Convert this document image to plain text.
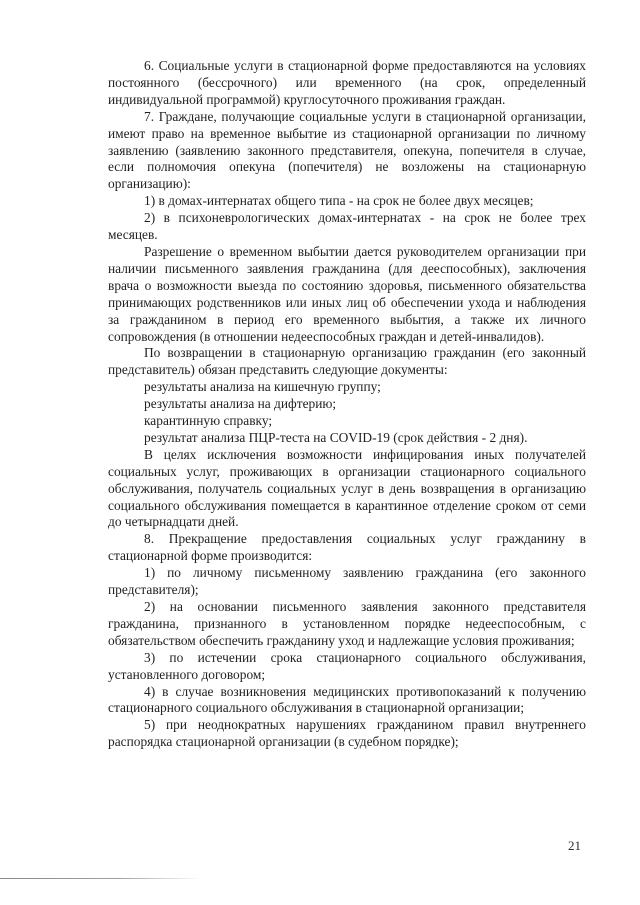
6. Социальные услуги в стационарной форме предоставляются на условиях постоянного (бессрочного) или временного (на срок, определенный индивидуальной программой) круглосуточного проживания граждан.

7. Граждане, получающие социальные услуги в стационарной организации, имеют право на временное выбытие из стационарной организации по личному заявлению (заявлению законного представителя, опекуна, попечителя в случае, если полномочия опекуна (попечителя) не возложены на стационарную организацию):

1) в домах-интернатах общего типа - на срок не более двух месяцев;

2) в психоневрологических домах-интернатах - на срок не более трех месяцев.

Разрешение о временном выбытии дается руководителем организации при наличии письменного заявления гражданина (для дееспособных), заключения врача о возможности выезда по состоянию здоровья, письменного обязательства принимающих родственников или иных лиц об обеспечении ухода и наблюдения за гражданином в период его временного выбытия, а также их личного сопровождения (в отношении недееспособных граждан и детей-инвалидов).

По возвращении в стационарную организацию гражданин (его законный представитель) обязан представить следующие документы:

результаты анализа на кишечную группу;

результаты анализа на дифтерию;

карантинную справку;

результат анализа ПЦР-теста на COVID-19 (срок действия - 2 дня).

В целях исключения возможности инфицирования иных получателей социальных услуг, проживающих в организации стационарного социального обслуживания, получатель социальных услуг в день возвращения в организацию социального обслуживания помещается в карантинное отделение сроком от семи до четырнадцати дней.

8. Прекращение предоставления социальных услуг гражданину в стационарной форме производится:

1) по личному письменному заявлению гражданина (его законного представителя);

2) на основании письменного заявления законного представителя гражданина, признанного в установленном порядке недееспособным, с обязательством обеспечить гражданину уход и надлежащие условия проживания;

3) по истечении срока стационарного социального обслуживания, установленного договором;

4) в случае возникновения медицинских противопоказаний к получению стационарного социального обслуживания в стационарной организации;

5) при неоднократных нарушениях гражданином правил внутреннего распорядка стационарной организации (в судебном порядке);

21
